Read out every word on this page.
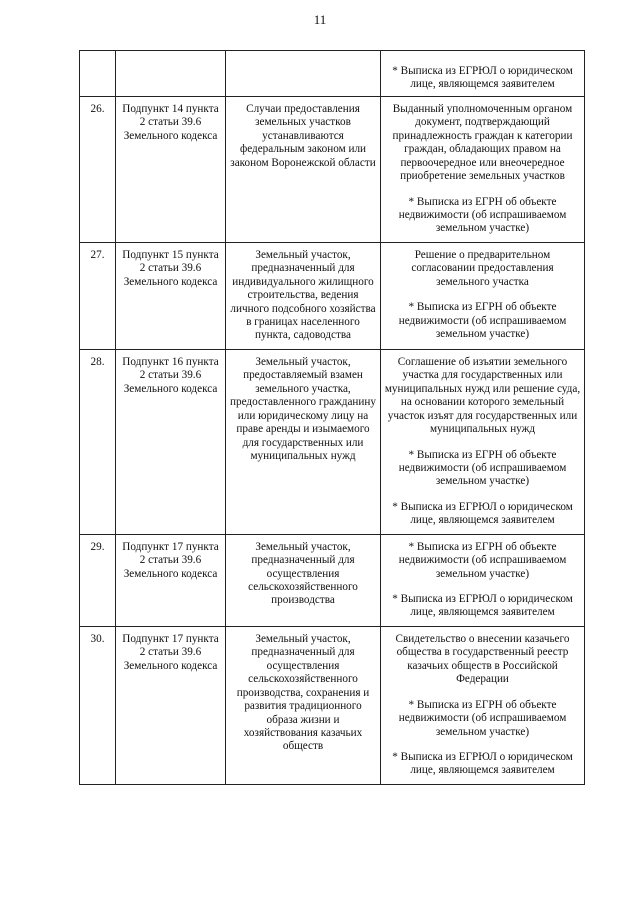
11

			* Выписка из ЕГРЮЛ о юридическом лице, являющемся заявителем

26.	Подпункт 14 пункта 2 статьи 39.6 Земельного кодекса	Случаи предоставления земельных участков устанавливаются федеральным законом или законом Воронежской области	Выданный уполномоченным органом документ, подтверждающий принадлежность граждан к категории граждан, обладающих правом на первоочередное или внеочередное приобретение земельных участков
* Выписка из ЕГРН об объекте недвижимости (об испрашиваемом земельном участке)

27.	Подпункт 15 пункта 2 статьи 39.6 Земельного кодекса	Земельный участок, предназначенный для индивидуального жилищного строительства, ведения личного подсобного хозяйства в границах населенного пункта, садоводства	Решение о предварительном согласовании предоставления земельного участка
* Выписка из ЕГРН об объекте недвижимости (об испрашиваемом земельном участке)

28.	Подпункт 16 пункта 2 статьи 39.6 Земельного кодекса	Земельный участок, предоставляемый взамен земельного участка, предоставленного гражданину или юридическому лицу на праве аренды и изымаемого для государственных или муниципальных нужд	Соглашение об изъятии земельного участка для государственных или муниципальных нужд или решение суда, на основании которого земельный участок изъят для государственных или муниципальных нужд
* Выписка из ЕГРН об объекте недвижимости (об испрашиваемом земельном участке)
* Выписка из ЕГРЮЛ о юридическом лице, являющемся заявителем

29.	Подпункт 17 пункта 2 статьи 39.6 Земельного кодекса	Земельный участок, предназначенный для осуществления сельскохозяйственного производства	* Выписка из ЕГРН об объекте недвижимости (об испрашиваемом земельном участке)
* Выписка из ЕГРЮЛ о юридическом лице, являющемся заявителем

30.	Подпункт 17 пункта 2 статьи 39.6 Земельного кодекса	Земельный участок, предназначенный для осуществления сельскохозяйственного производства, сохранения и развития традиционного образа жизни и хозяйствования казачьих обществ	Свидетельство о внесении казачьего общества в государственный реестр казачьих обществ в Российской Федерации
* Выписка из ЕГРН об объекте недвижимости (об испрашиваемом земельном участке)
* Выписка из ЕГРЮЛ о юридическом лице, являющемся заявителем
